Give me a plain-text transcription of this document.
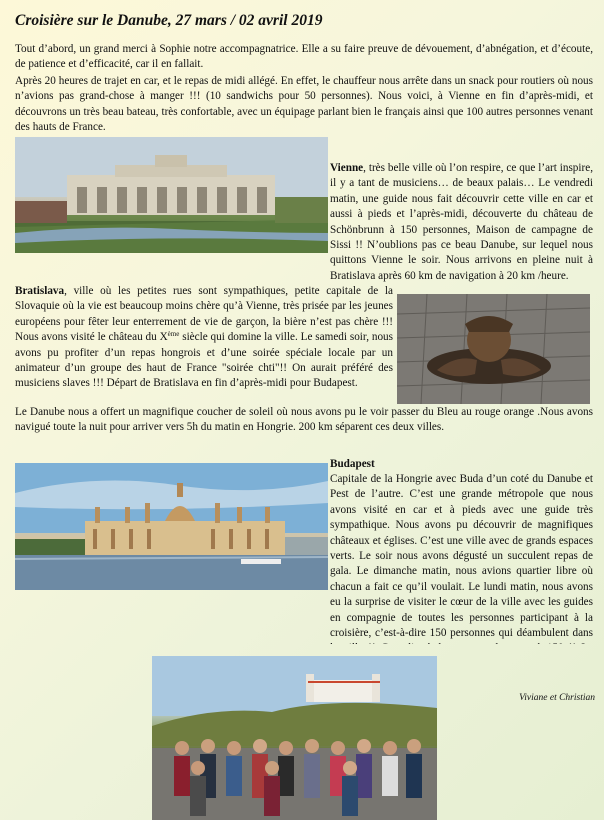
Croisière sur le Danube, 27 mars / 02 avril 2019

Tout d’abord, un grand merci à Sophie notre accompagnatrice. Elle a su faire preuve de dévouement, d’abnégation, et d’écoute, de patience et d’efficacité, car il en fallait.

Après 20 heures de trajet en car, et le repas de midi allégé. En effet, le chauffeur nous arrête dans un snack pour routiers où nous n’avions pas grand-chose à manger !!! (10 sandwichs pour 50 personnes). Nous voici, à Vienne en fin d’après-midi, et découvrons un très beau bateau, très confortable, avec un équipage parlant bien le français ainsi que 100 autres personnes venant des hauts de France.

Vienne, très belle ville où l’on respire, ce que l’art inspire, il y a tant de musiciens… de beaux palais… Le vendredi matin, une guide nous fait découvrir cette ville en car et aussi à pieds et l’après-midi, découverte du château de Schönbrunn à 150 personnes, Maison de campagne de Sissi !! N’oublions pas ce beau Danube, sur lequel nous quittons Vienne le soir. Nous arrivons en pleine nuit à Bratislava après 60 km de navigation à 20 km /heure.

Bratislava, ville où les petites rues sont sympathiques, petite capitale de la Slovaquie où la vie est beaucoup moins chère qu’à Vienne, très prisée par les jeunes européens pour fêter leur enterrement de vie de garçon, la bière n’est pas chère !!! Nous avons visité le château du Xème siècle qui domine la ville. Le samedi soir, nous avons pu profiter d’un repas hongrois et d’une soirée spéciale locale par un animateur d’un groupe des haut de France "soirée chti"!! On aurait préféré des musiciens slaves !!! Départ de Bratislava en fin d’après-midi pour Budapest.

Le Danube nous a offert un magnifique coucher de soleil où nous avons pu le voir passer du Bleu au rouge orange .Nous avons navigué toute la nuit pour arriver vers 5h du matin en Hongrie. 200 km séparent ces deux villes.

Budapest

Capitale de la Hongrie avec Buda d’un coté du Danube et Pest de l’autre. C’est une grande métropole que nous avons visité en car et à pieds avec une guide très sympathique. Nous avons pu découvrir de magnifiques châteaux et églises. C’est une ville avec de grands espaces verts. Le soir nous avons dégusté un succulent repas de gala. Le dimanche matin, nous avions quartier libre où chacun a fait ce qu’il voulait. Le lundi matin, nous avons eu la surprise de visiter le cœur de la ville avec les guides en compagnie de toutes les personnes participant à la croisière, c’est-à-dire 150 personnes qui déambulent dans

Viviane et Christian
